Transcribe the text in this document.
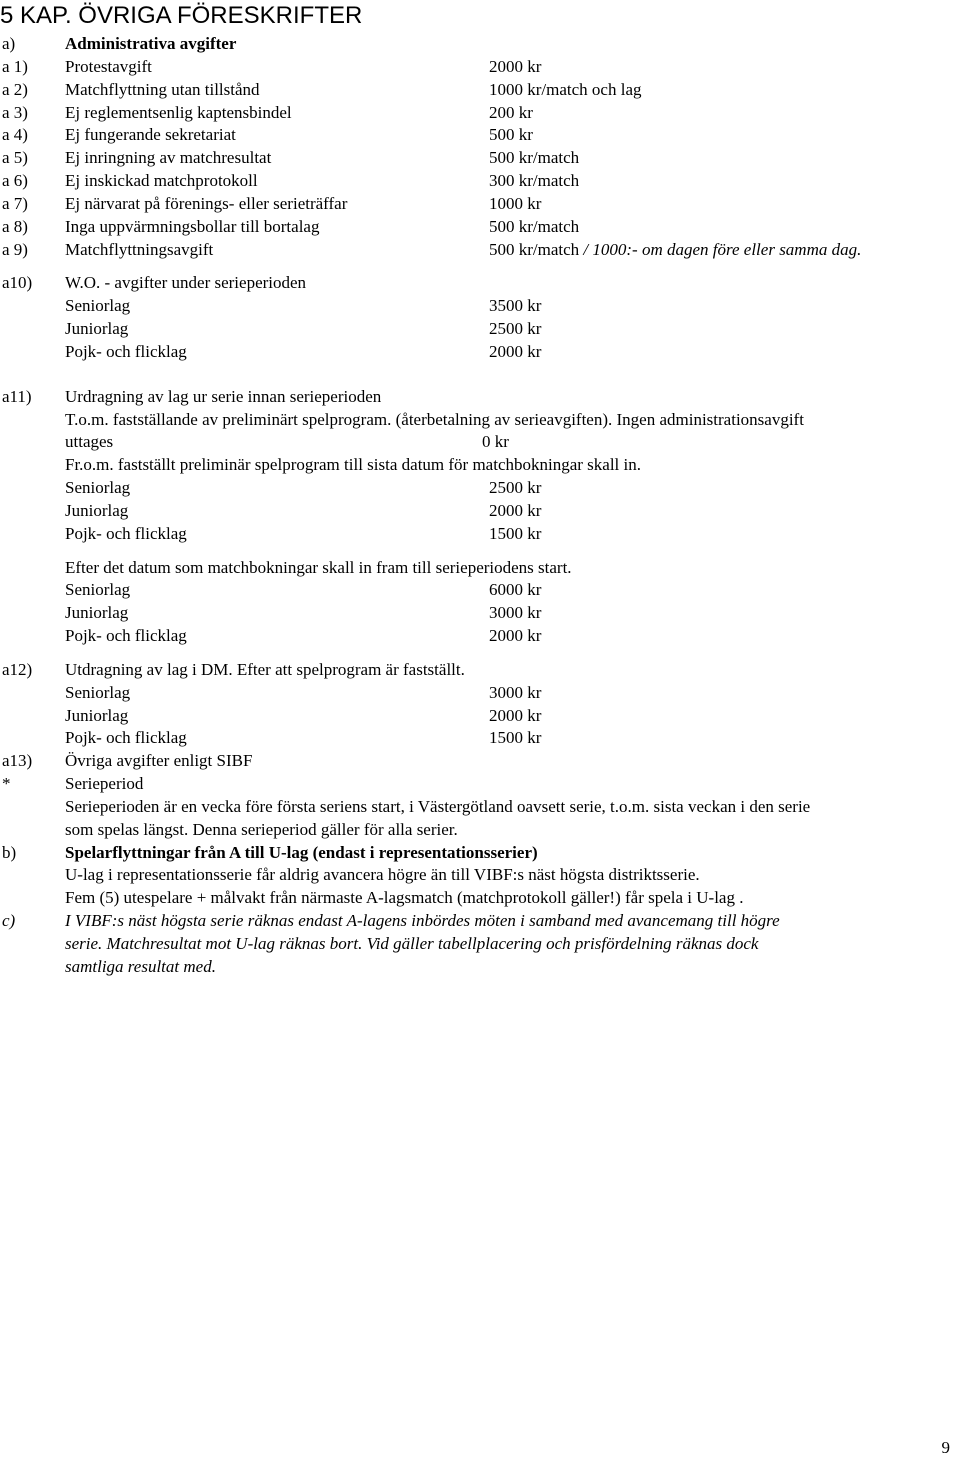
5 KAP. ÖVRIGA FÖRESKRIFTER
a)	Administrativa avgifter
a 1) Protestavgift	2000 kr
a 2) Matchflyttning utan tillstånd	1000 kr/match och lag
a 3) Ej reglementsenlig kaptensbindel	200 kr
a 4) Ej fungerande sekretariat	500 kr
a 5) Ej inringning av matchresultat	500 kr/match
a 6) Ej inskickad matchprotokoll	300 kr/match
a 7) Ej närvarat på förenings- eller serieträffar	1000 kr
a 8) Inga uppvärmningsbollar till bortalag	500 kr/match
a 9) Matchflyttningsavgift	500 kr/match / 1000:- om dagen före eller samma dag.
a10) W.O. - avgifter under serieperioden
Seniorlag	3500 kr
Juniorlag	2500 kr
Pojk- och flicklag	2000 kr
a11) Urdragning av lag ur serie innan serieperioden
T.o.m. fastställande av preliminärt spelprogram. (återbetalning av serieavgiften). Ingen administrationsavgift
uttages	0 kr
Fr.o.m. fastställt preliminär spelprogram till sista datum för matchbokningar skall in.
Seniorlag	2500 kr
Juniorlag	2000 kr
Pojk- och flicklag	1500 kr
Efter det datum som matchbokningar skall in fram till serieperiodens start.
Seniorlag	6000 kr
Juniorlag	3000 kr
Pojk- och flicklag	2000 kr
a12) Utdragning av lag i DM. Efter att spelprogram är fastställt.
Seniorlag	3000 kr
Juniorlag	2000 kr
Pojk- och flicklag	1500 kr
a13) Övriga avgifter enligt SIBF
*	Serieperiod
Serieperioden är en vecka före första seriens start, i Västergötland oavsett serie, t.o.m. sista veckan i den serie
som spelas längst. Denna serieperiod gäller för alla serier.
b)	Spelarflyttningar från A till U-lag (endast i representationsserier)
U-lag i representationsserie får aldrig avancera högre än till VIBF:s näst högsta distriktsserie.
Fem (5) utespelare + målvakt från närmaste A-lagsmatch (matchprotokoll gäller!) får spela i U-lag .
c)	I VIBF:s näst högsta serie räknas endast A-lagens inbördes möten i samband med avancemang till högre
serie. Matchresultat mot U-lag räknas bort. Vid gäller tabellplacering och prisfördelning räknas dock
samtliga resultat med.
9
